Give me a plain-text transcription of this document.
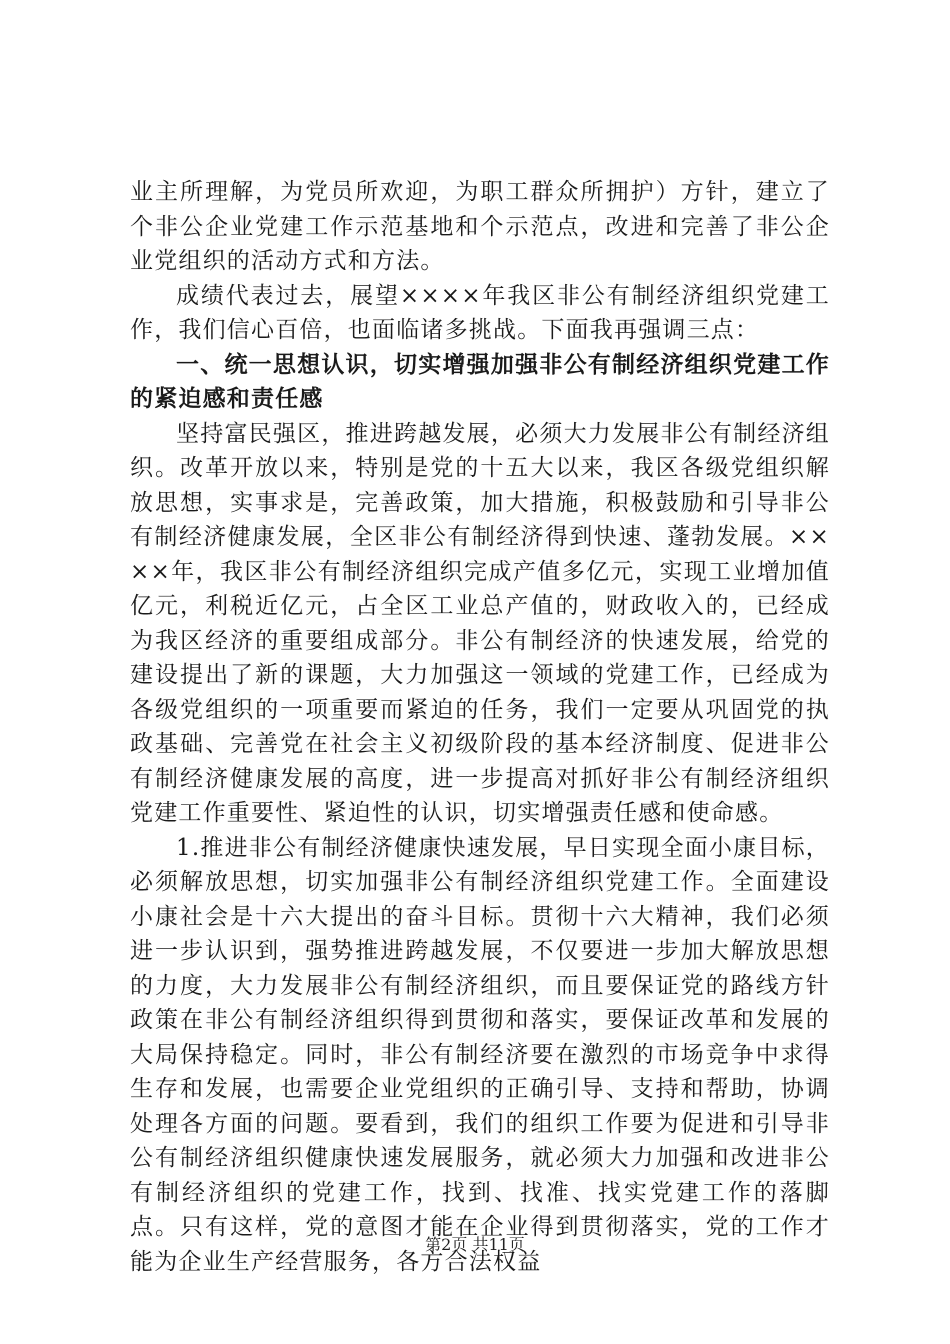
业主所理解，为党员所欢迎，为职工群众所拥护）方针，建立了个非公企业党建工作示范基地和个示范点，改进和完善了非公企业党组织的活动方式和方法。

成绩代表过去，展望××××年我区非公有制经济组织党建工作，我们信心百倍，也面临诸多挑战。下面我再强调三点：

一、统一思想认识，切实增强加强非公有制经济组织党建工作的紧迫感和责任感

坚持富民强区，推进跨越发展，必须大力发展非公有制经济组织。改革开放以来，特别是党的十五大以来，我区各级党组织解放思想，实事求是，完善政策，加大措施，积极鼓励和引导非公有制经济健康发展，全区非公有制经济得到快速、蓬勃发展。××××年，我区非公有制经济组织完成产值多亿元，实现工业增加值亿元，利税近亿元，占全区工业总产值的，财政收入的，已经成为我区经济的重要组成部分。非公有制经济的快速发展，给党的建设提出了新的课题，大力加强这一领域的党建工作，已经成为各级党组织的一项重要而紧迫的任务，我们一定要从巩固党的执政基础、完善党在社会主义初级阶段的基本经济制度、促进非公有制经济健康发展的高度，进一步提高对抓好非公有制经济组织党建工作重要性、紧迫性的认识，切实增强责任感和使命感。

1.推进非公有制经济健康快速发展，早日实现全面小康目标，必须解放思想，切实加强非公有制经济组织党建工作。全面建设小康社会是十六大提出的奋斗目标。贯彻十六大精神，我们必须进一步认识到，强势推进跨越发展，不仅要进一步加大解放思想的力度，大力发展非公有制经济组织，而且要保证党的路线方针政策在非公有制经济组织得到贯彻和落实，要保证改革和发展的大局保持稳定。同时，非公有制经济要在激烈的市场竞争中求得生存和发展，也需要企业党组织的正确引导、支持和帮助，协调处理各方面的问题。要看到，我们的组织工作要为促进和引导非公有制经济组织健康快速发展服务，就必须大力加强和改进非公有制经济组织的党建工作，找到、找准、找实党建工作的落脚点。只有这样，党的意图才能在企业得到贯彻落实，党的工作才能为企业生产经营服务，各方合法权益

第2页 共11页
